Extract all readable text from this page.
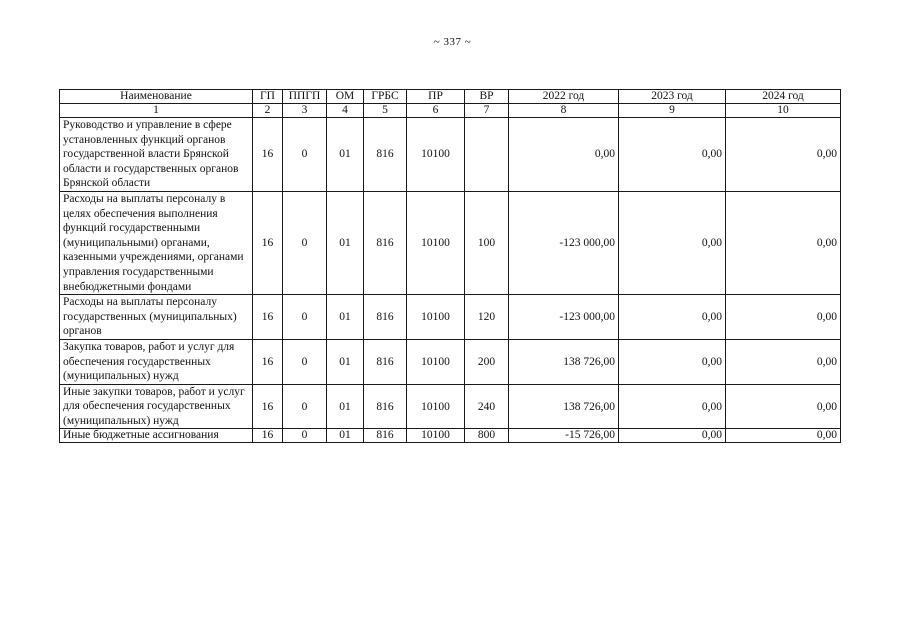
~ 337 ~
Наименование	ГП	ППГП	ОМ	ГРБС	ПР	ВР	2022 год	2023 год	2024 год
1	2	3	4	5	6	7	8	9	10
Руководство и управление в сфере установленных функций органов государственной власти Брянской области и государственных органов Брянской области	16	0	01	816	10100		0,00	0,00	0,00
Расходы на выплаты персоналу в целях обеспечения выполнения функций государственными (муниципальными) органами, казенными учреждениями, органами управления государственными внебюджетными фондами	16	0	01	816	10100	100	-123 000,00	0,00	0,00
Расходы на выплаты персоналу государственных (муниципальных) органов	16	0	01	816	10100	120	-123 000,00	0,00	0,00
Закупка товаров, работ и услуг для обеспечения государственных (муниципальных) нужд	16	0	01	816	10100	200	138 726,00	0,00	0,00
Иные закупки товаров, работ и услуг для обеспечения государственных (муниципальных) нужд	16	0	01	816	10100	240	138 726,00	0,00	0,00
Иные бюджетные ассигнования	16	0	01	816	10100	800	-15 726,00	0,00	0,00
